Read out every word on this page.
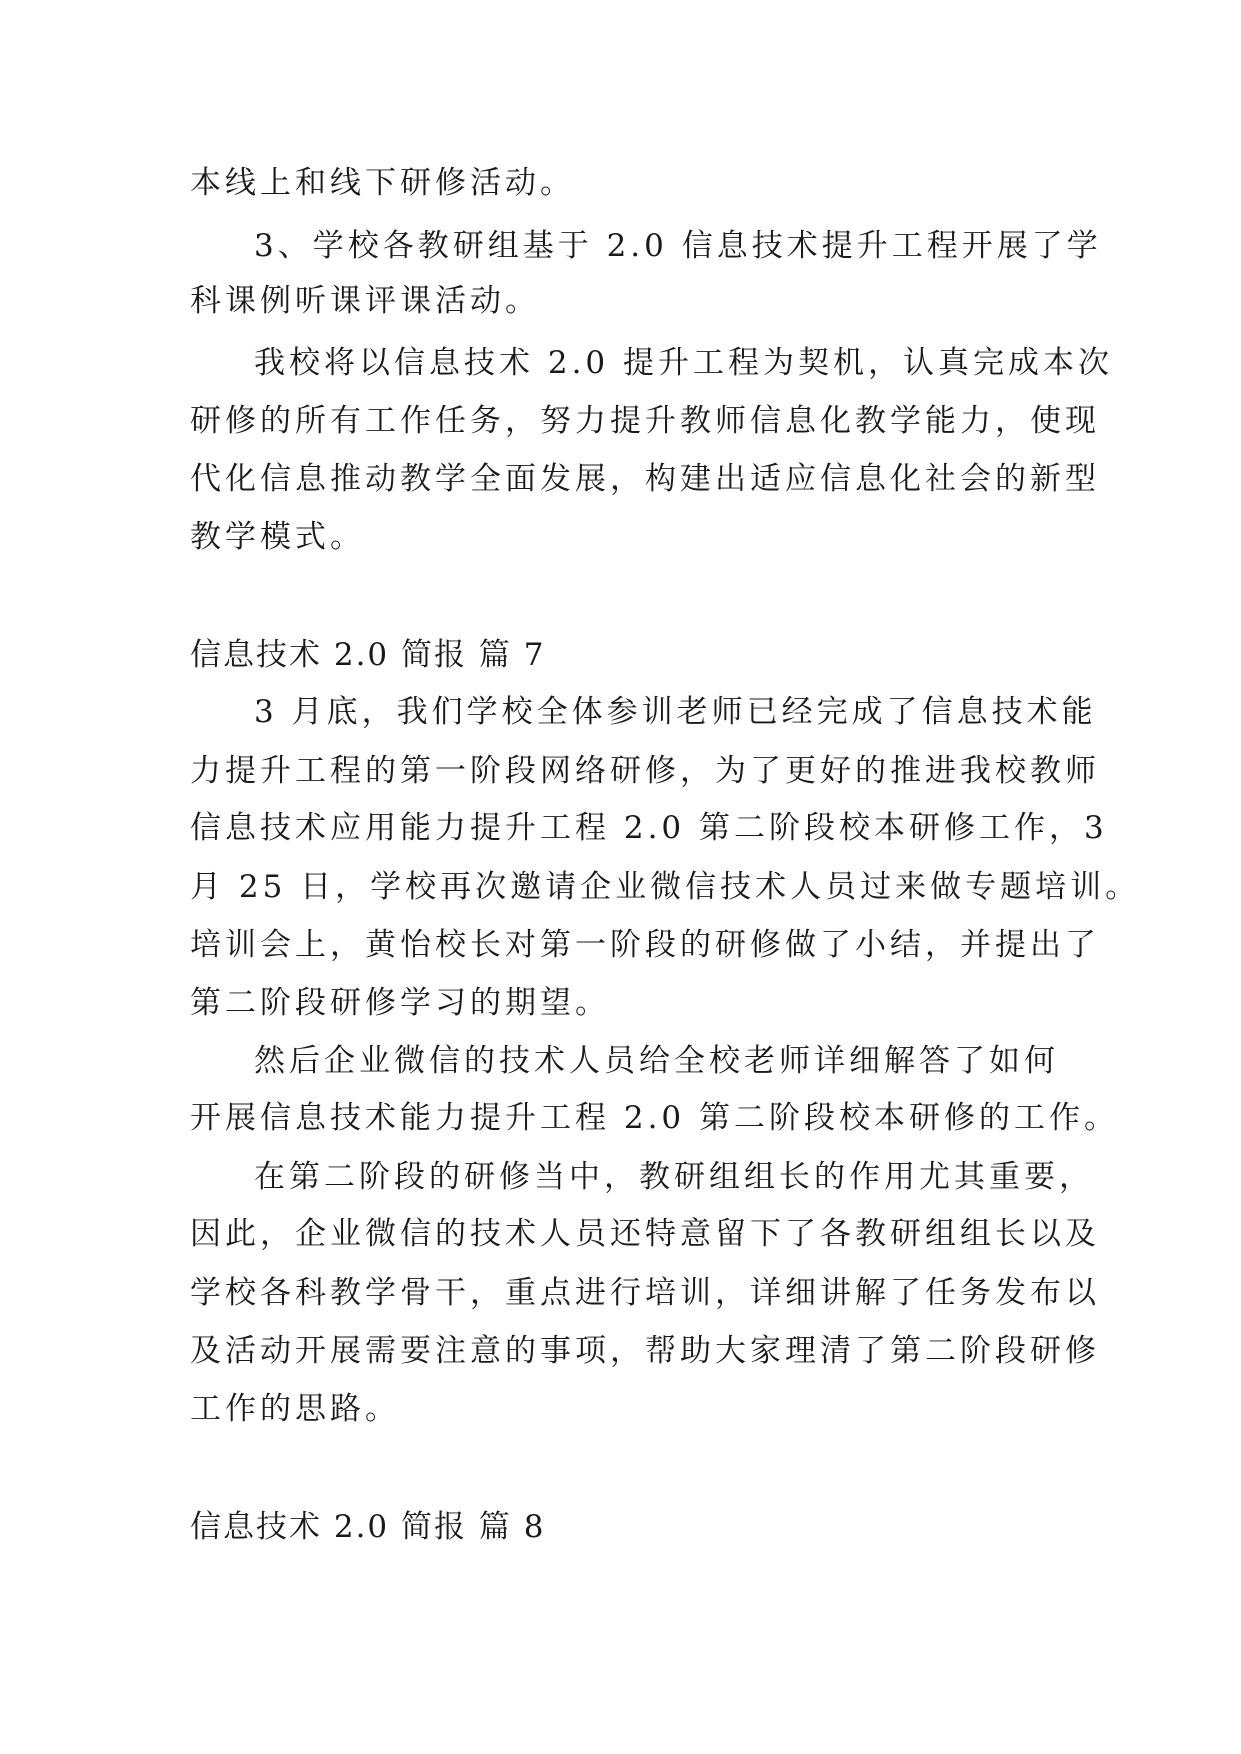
本线上和线下研修活动。
3、学校各教研组基于 2.0 信息技术提升工程开展了学
科课例听课评课活动。
我校将以信息技术 2.0 提升工程为契机，认真完成本次
研修的所有工作任务，努力提升教师信息化教学能力，使现
代化信息推动教学全面发展，构建出适应信息化社会的新型
教学模式。
信息技术 2.0 简报 篇 7
3 月底，我们学校全体参训老师已经完成了信息技术能
力提升工程的第一阶段网络研修，为了更好的推进我校教师
信息技术应用能力提升工程 2.0 第二阶段校本研修工作，3
月 25 日，学校再次邀请企业微信技术人员过来做专题培训。
培训会上，黄怡校长对第一阶段的研修做了小结，并提出了
第二阶段研修学习的期望。
然后企业微信的技术人员给全校老师详细解答了如何
开展信息技术能力提升工程 2.0 第二阶段校本研修的工作。
在第二阶段的研修当中，教研组组长的作用尤其重要，
因此，企业微信的技术人员还特意留下了各教研组组长以及
学校各科教学骨干，重点进行培训，详细讲解了任务发布以
及活动开展需要注意的事项，帮助大家理清了第二阶段研修
工作的思路。
信息技术 2.0 简报 篇 8
